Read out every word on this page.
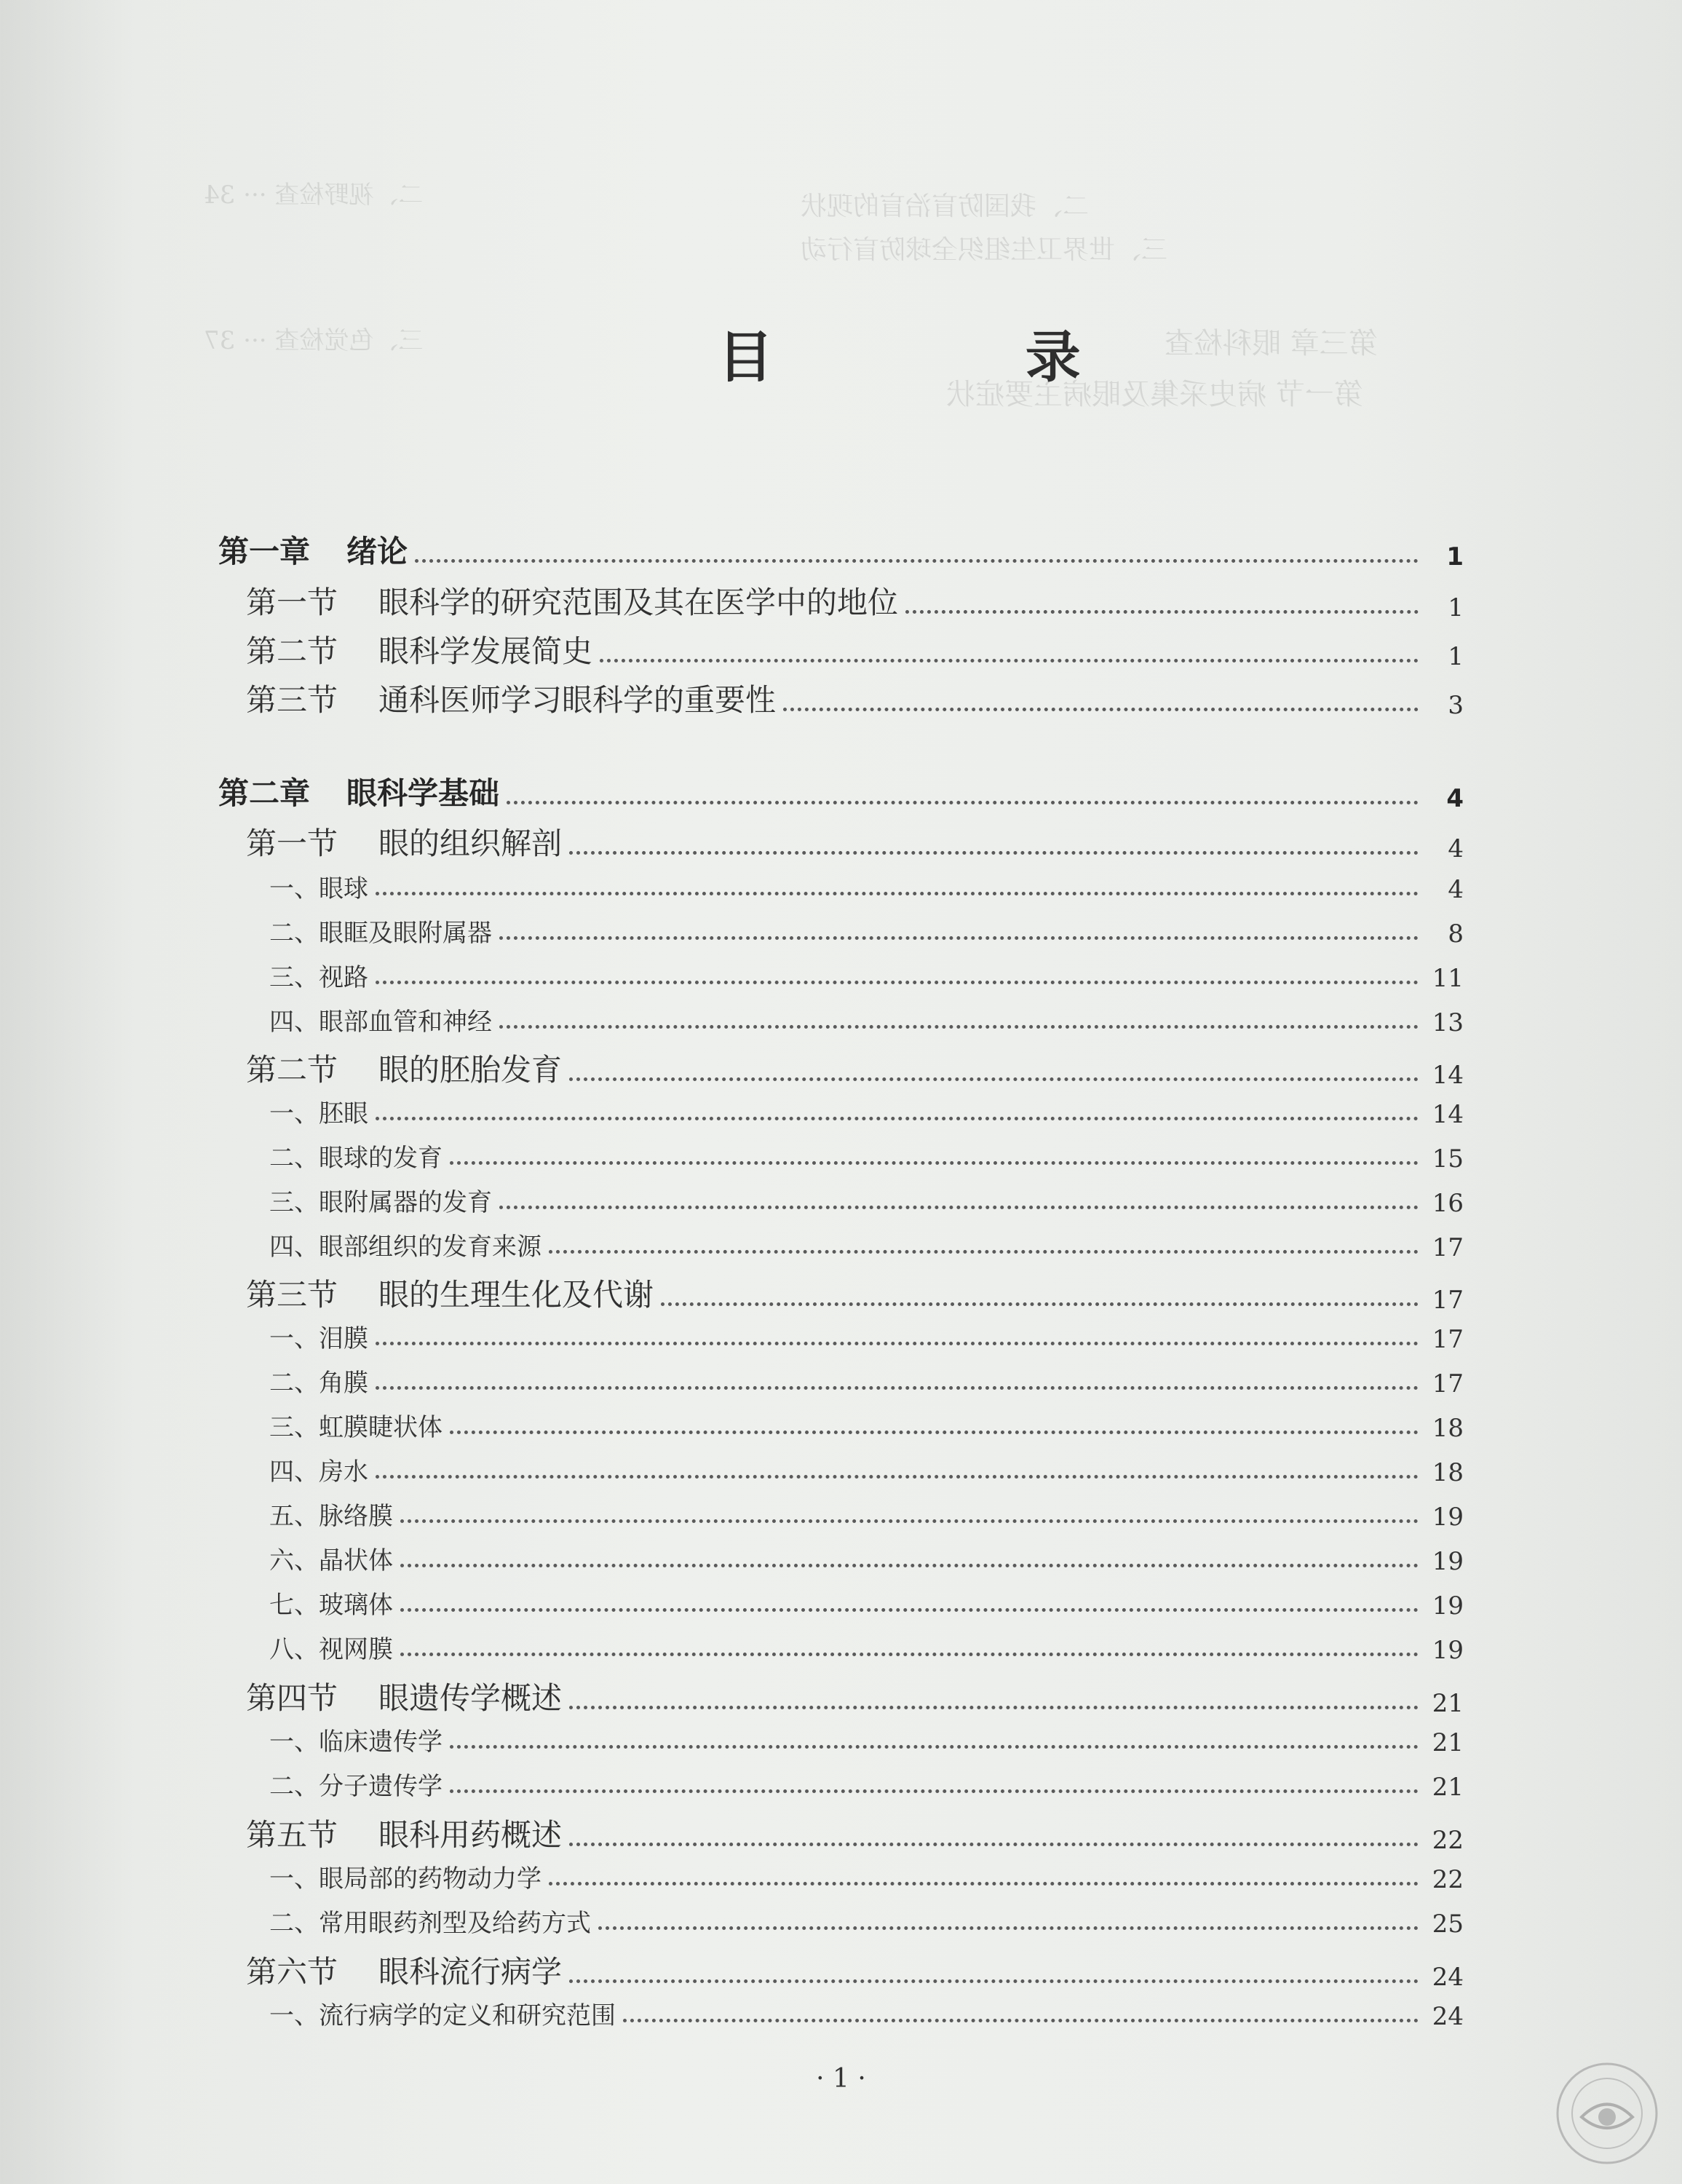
二、我国防盲治盲的现状
三、世界卫生组织全球防盲行动
第三章 眼科检查
第一节 病史采集及眼病主要症状
二、视野检查 ··· 34
三、色觉检查 ··· 37	目 录
第一章 绪论	1
第一节 眼科学的研究范围及其在医学中的地位	1
第二节 眼科学发展简史	1
第三节 通科医师学习眼科学的重要性	3
第二章 眼科学基础	4
第一节 眼的组织解剖	4
一、眼球	4
二、眼眶及眼附属器	8
三、视路	11
四、眼部血管和神经	13
第二节 眼的胚胎发育	14
一、胚眼	14
二、眼球的发育	15
三、眼附属器的发育	16
四、眼部组织的发育来源	17
第三节 眼的生理生化及代谢	17
一、泪膜	17
二、角膜	17
三、虹膜睫状体	18
四、房水	18
五、脉络膜	19
六、晶状体	19
七、玻璃体	19
八、视网膜	19
第四节 眼遗传学概述	21
一、临床遗传学	21
二、分子遗传学	21
第五节 眼科用药概述	22
一、眼局部的药物动力学	22
二、常用眼药剂型及给药方式	25
第六节 眼科流行病学	24
一、流行病学的定义和研究范围	24
· 1 ·
